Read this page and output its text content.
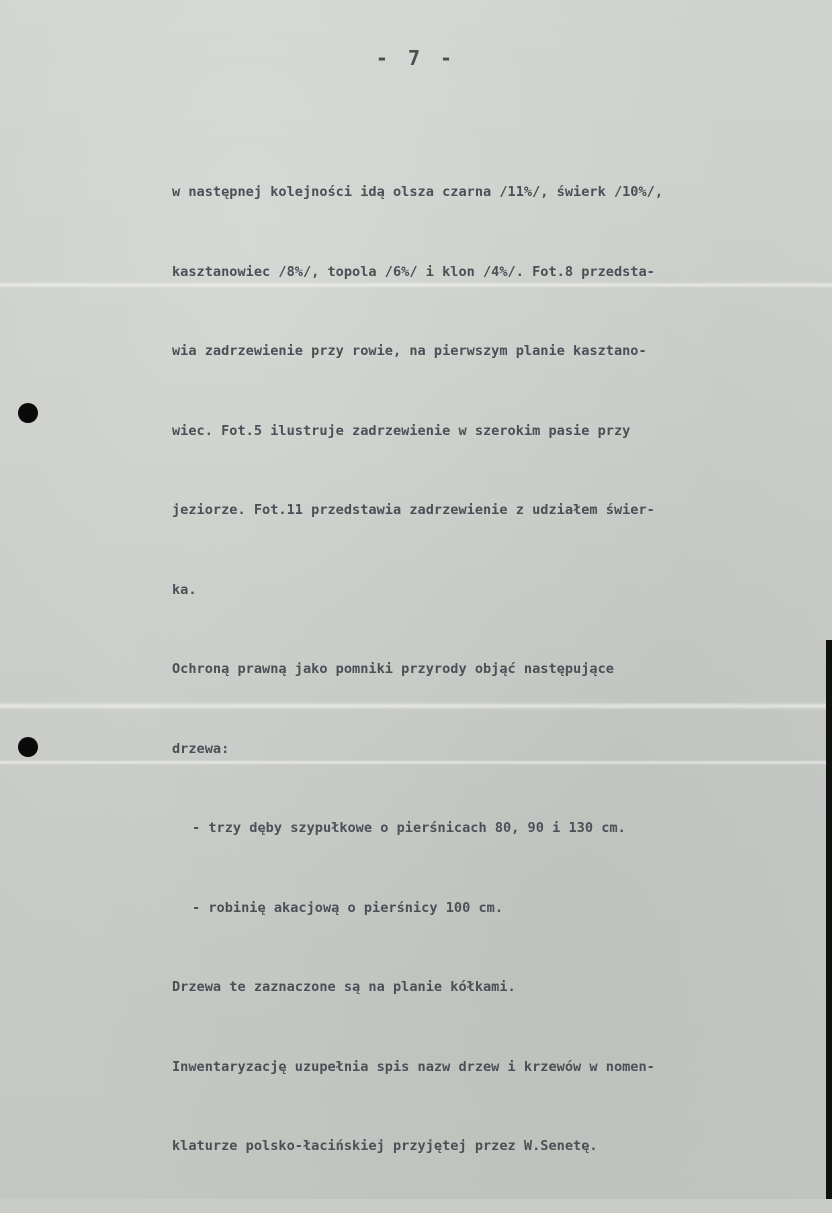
- 7 -

w następnej kolejności idą olsza czarna /11%/, świerk /10%/,

kasztanowiec /8%/, topola /6%/ i klon /4%/. Fot.8 przedsta-

wia zadrzewienie przy rowie, na pierwszym planie kasztano-

wiec. Fot.5 ilustruje zadrzewienie w szerokim pasie przy

jeziorze. Fot.11 przedstawia zadrzewienie z udziałem świer-

ka.

Ochroną prawną jako pomniki przyrody objąć następujące

drzewa:

- trzy dęby szypułkowe o pierśnicach 80, 90 i 130 cm.

- robinię akacjową o pierśnicy 100 cm.

Drzewa te zaznaczone są na planie kółkami.

Inwentaryzację uzupełnia spis nazw drzew i krzewów w nomen-

klaturze polsko-łacińskiej przyjętej przez W.Senetę.
